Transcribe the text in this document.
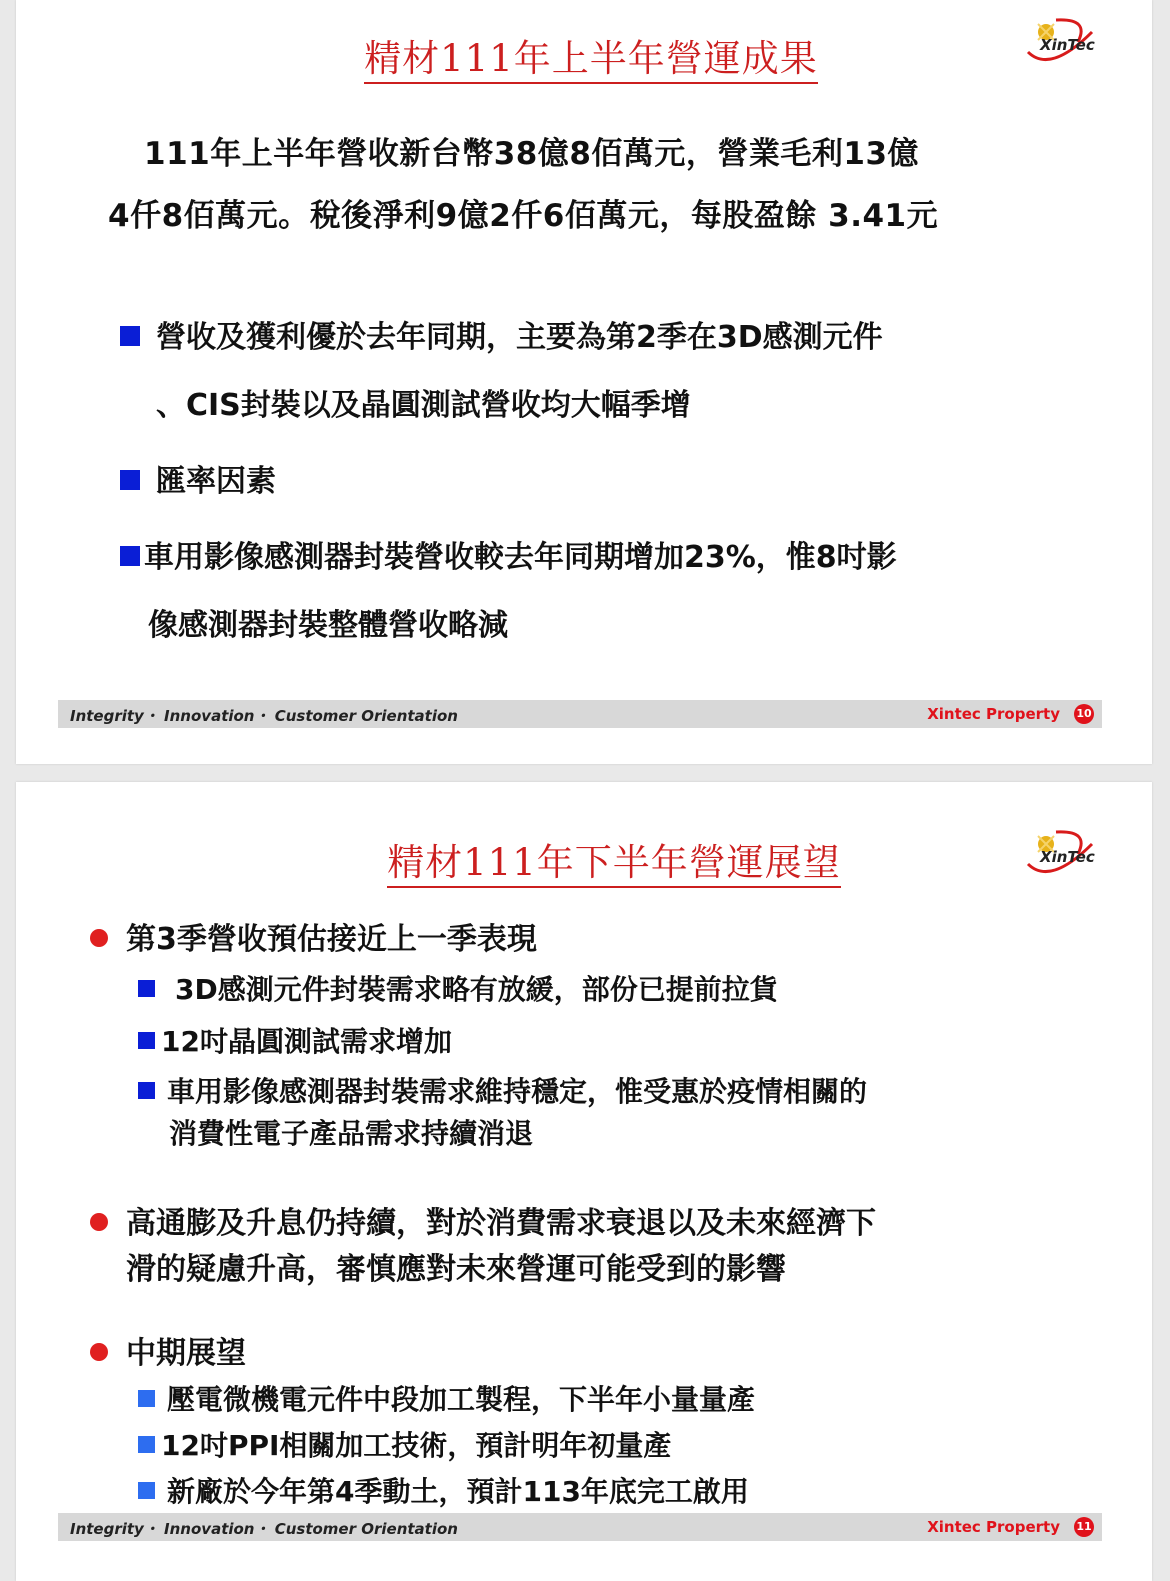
精材111年上半年營運成果	XinTec
111年上半年營收新台幣38億8佰萬元，營業毛利13億
4仟8佰萬元。稅後淨利9億2仟6佰萬元，每股盈餘 3.41元
營收及獲利優於去年同期，主要為第2季在3D感測元件
、CIS封裝以及晶圓測試營收均大幅季增
匯率因素
車用影像感測器封裝營收較去年同期增加23%，惟8吋影
像感測器封裝整體營收略減
Integrity・ Innovation・ Customer Orientation	Xintec Property 10
精材111年下半年營運展望	XinTec
第3季營收預估接近上一季表現
3D感測元件封裝需求略有放緩，部份已提前拉貨
12吋晶圓測試需求增加
車用影像感測器封裝需求維持穩定，惟受惠於疫情相關的
消費性電子產品需求持續消退
高通膨及升息仍持續，對於消費需求衰退以及未來經濟下
滑的疑慮升高，審慎應對未來營運可能受到的影響
中期展望
壓電微機電元件中段加工製程，下半年小量量產
12吋PPI相關加工技術，預計明年初量產
新廠於今年第4季動土，預計113年底完工啟用
Integrity・ Innovation・ Customer Orientation	Xintec Property 11
